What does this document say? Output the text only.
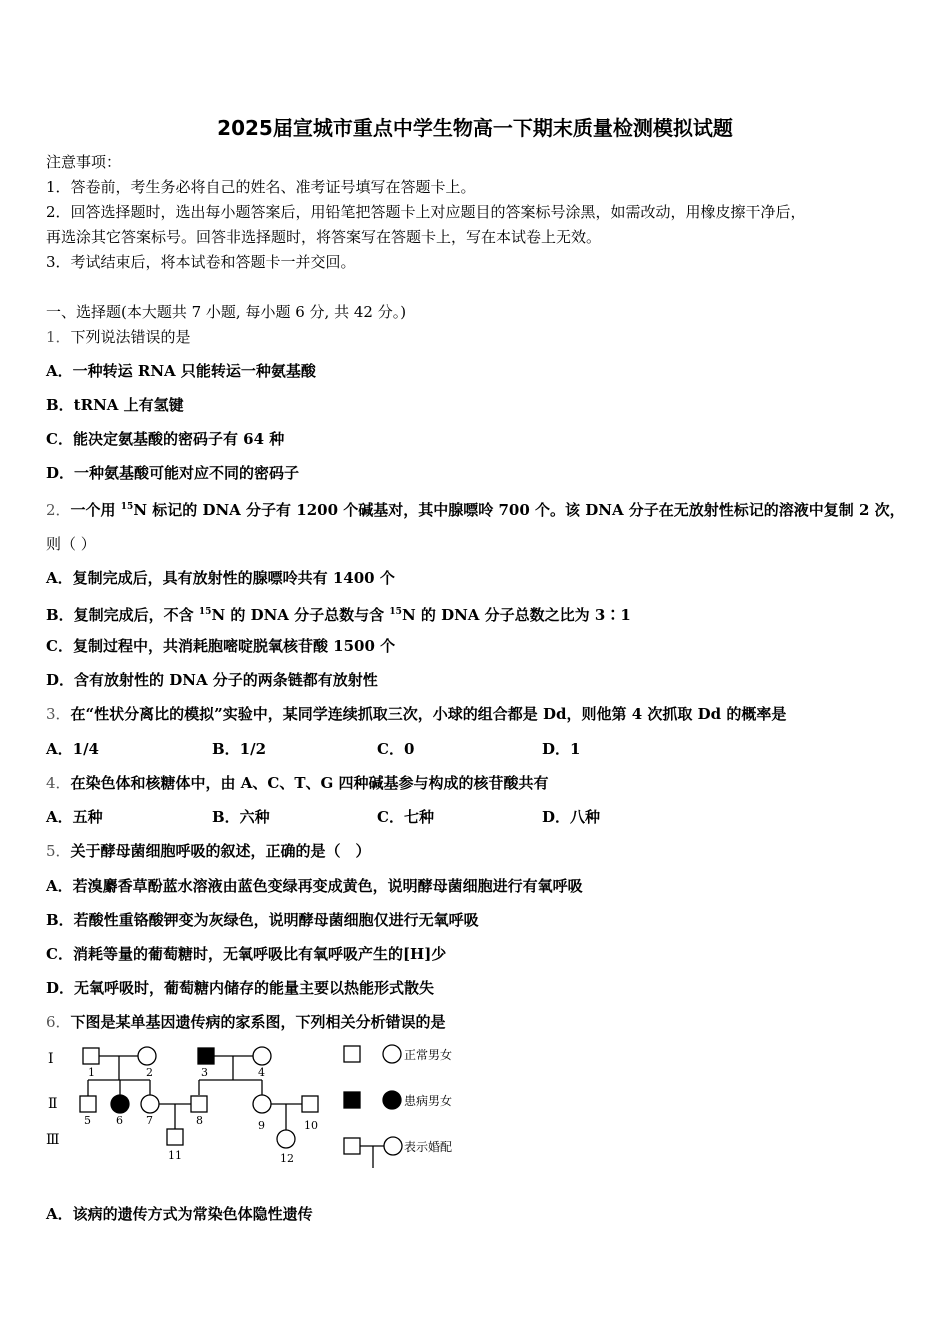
2025届宣城市重点中学生物高一下期末质量检测模拟试题
注意事项：
1．答卷前，考生务必将自己的姓名、准考证号填写在答题卡上。
2．回答选择题时，选出每小题答案后，用铅笔把答题卡上对应题目的答案标号涂黑，如需改动，用橡皮擦干净后，
再选涂其它答案标号。回答非选择题时，将答案写在答题卡上，写在本试卷上无效。
3．考试结束后，将本试卷和答题卡一并交回。
一、选择题(本大题共 7 小题, 每小题 6 分, 共 42 分。)
1．下列说法错误的是
A．一种转运 RNA 只能转运一种氨基酸
B．tRNA 上有氢键
C．能决定氨基酸的密码子有 64 种
D．一种氨基酸可能对应不同的密码子
2．一个用 $^{15}$N 标记的 DNA 分子有 1200 个碱基对，其中腺嘌呤 700 个。该 DNA 分子在无放射性标记的溶液中复制 2 次，
则（ ）
A．复制完成后，具有放射性的腺嘌呤共有 1400 个
B．复制完成后，不含 $^{15}$N 的 DNA 分子总数与含 $^{15}$N 的 DNA 分子总数之比为 3∶1
C．复制过程中，共消耗胞嘧啶脱氧核苷酸 1500 个
D．含有放射性的 DNA 分子的两条链都有放射性
3．在“性状分离比的模拟”实验中，某同学连续抓取三次，小球的组合都是 Dd，则他第 4 次抓取 Dd 的概率是
A．1/4	B．1/2	C．0	D．1
4．在染色体和核糖体中，由 A、C、T、G 四种碱基参与构成的核苷酸共有
A．五种	B．六种	C．七种	D．八种
5．关于酵母菌细胞呼吸的叙述，正确的是（　）
A．若溴麝香草酚蓝水溶液由蓝色变绿再变成黄色，说明酵母菌细胞进行有氧呼吸
B．若酸性重铬酸钾变为灰绿色，说明酵母菌细胞仅进行无氧呼吸
C．消耗等量的葡萄糖时，无氧呼吸比有氧呼吸产生的[H]少
D．无氧呼吸时，葡萄糖内储存的能量主要以热能形式散失
6．下图是某单基因遗传病的家系图，下列相关分析错误的是
Ⅰ
Ⅱ
Ⅲ
1	2	3	4
5 6 7	8	9	10
11	12
正常男女
患病男女
表示婚配
A．该病的遗传方式为常染色体隐性遗传
